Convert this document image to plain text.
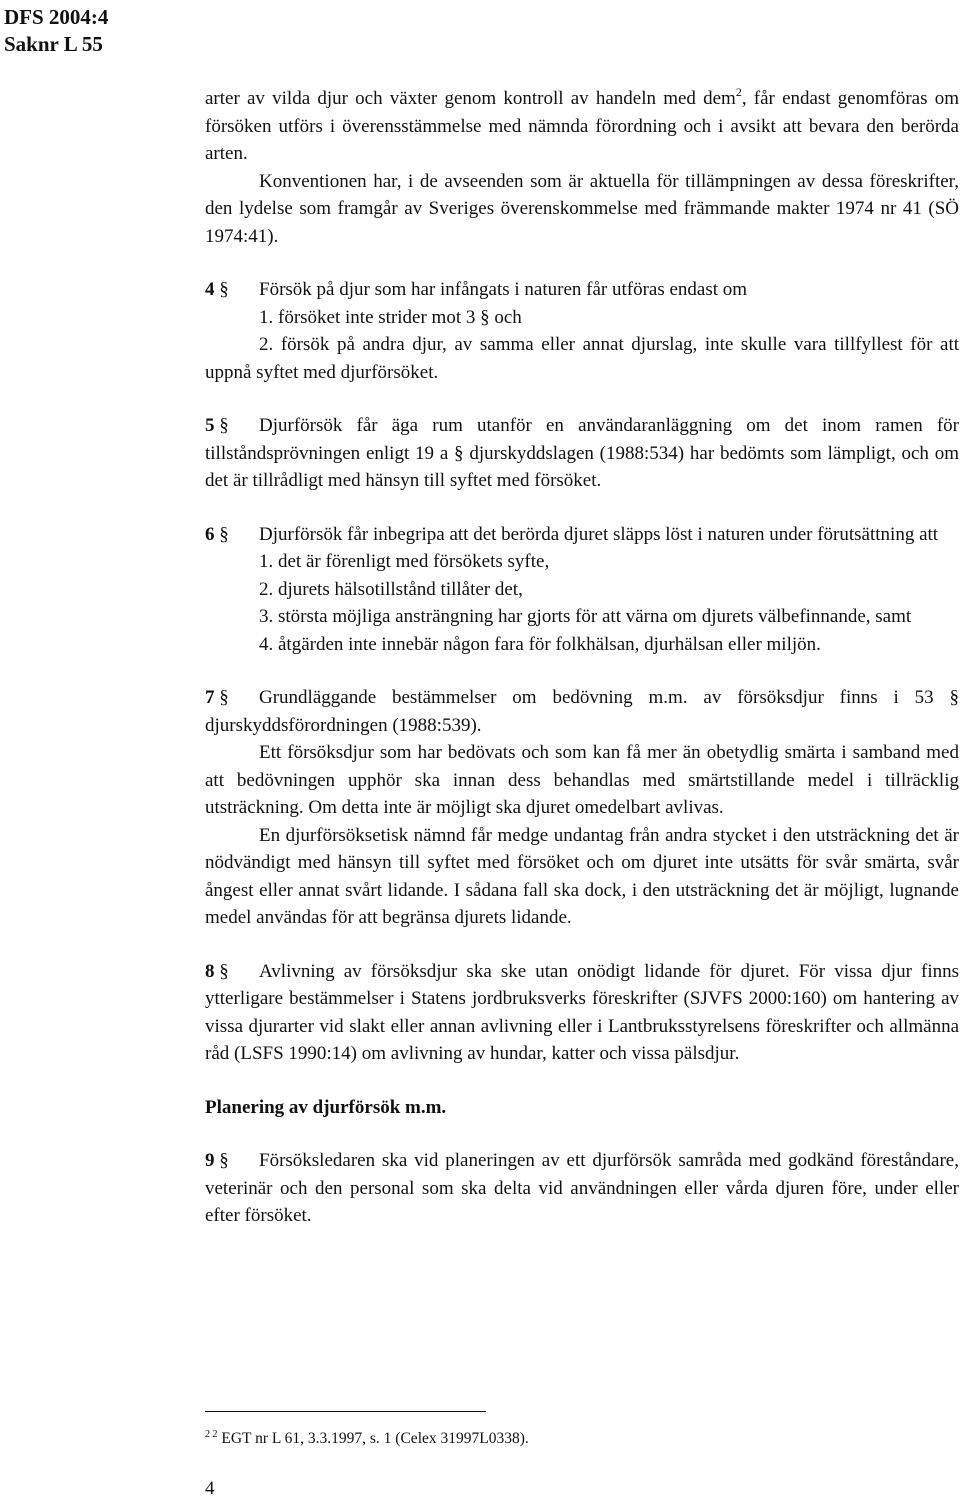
DFS 2004:4
Saknr L 55

arter av vilda djur och växter genom kontroll av handeln med dem$^2$, får endast genomföras om försöken utförs i överensstämmelse med nämnda förordning och i avsikt att bevara den berörda arten.

Konventionen har, i de avseenden som är aktuella för tillämpningen av dessa föreskrifter, den lydelse som framgår av Sveriges överenskommelse med främmande makter 1974 nr 41 (SÖ 1974:41).

4 § Försök på djur som har infångats i naturen får utföras endast om

1. försöket inte strider mot 3 § och

2. försök på andra djur, av samma eller annat djurslag, inte skulle vara tillfyllest för att uppnå syftet med djurförsöket.

5 § Djurförsök får äga rum utanför en användaranläggning om det inom ramen för tillståndsprövningen enligt 19 a § djurskyddslagen (1988:534) har bedömts som lämpligt, och om det är tillrådligt med hänsyn till syftet med försöket.

6 § Djurförsök får inbegripa att det berörda djuret släpps löst i naturen under förutsättning att

1. det är förenligt med försökets syfte,

2. djurets hälsotillstånd tillåter det,

3. största möjliga ansträngning har gjorts för att värna om djurets välbefinnande, samt

4. åtgärden inte innebär någon fara för folkhälsan, djurhälsan eller miljön.

7 § Grundläggande bestämmelser om bedövning m.m. av försöksdjur finns i 53 § djurskyddsförordningen (1988:539).

Ett försöksdjur som har bedövats och som kan få mer än obetydlig smärta i samband med att bedövningen upphör ska innan dess behandlas med smärtstillande medel i tillräcklig utsträckning. Om detta inte är möjligt ska djuret omedelbart avlivas.

En djurförsöksetisk nämnd får medge undantag från andra stycket i den utsträckning det är nödvändigt med hänsyn till syftet med försöket och om djuret inte utsätts för svår smärta, svår ångest eller annat svårt lidande. I sådana fall ska dock, i den utsträckning det är möjligt, lugnande medel användas för att begränsa djurets lidande.

8 § Avlivning av försöksdjur ska ske utan onödigt lidande för djuret. För vissa djur finns ytterligare bestämmelser i Statens jordbruksverks föreskrifter (SJVFS 2000:160) om hantering av vissa djurarter vid slakt eller annan avlivning eller i Lantbruksstyrelsens föreskrifter och allmänna råd (LSFS 1990:14) om avlivning av hundar, katter och vissa pälsdjur.

Planering av djurförsök m.m.

9 § Försöksledaren ska vid planeringen av ett djurförsök samråda med godkänd föreståndare, veterinär och den personal som ska delta vid användningen eller vårda djuren före, under eller efter försöket.

$^{2 2}$ EGT nr L 61, 3.3.1997, s. 1 (Celex 31997L0338).
4
